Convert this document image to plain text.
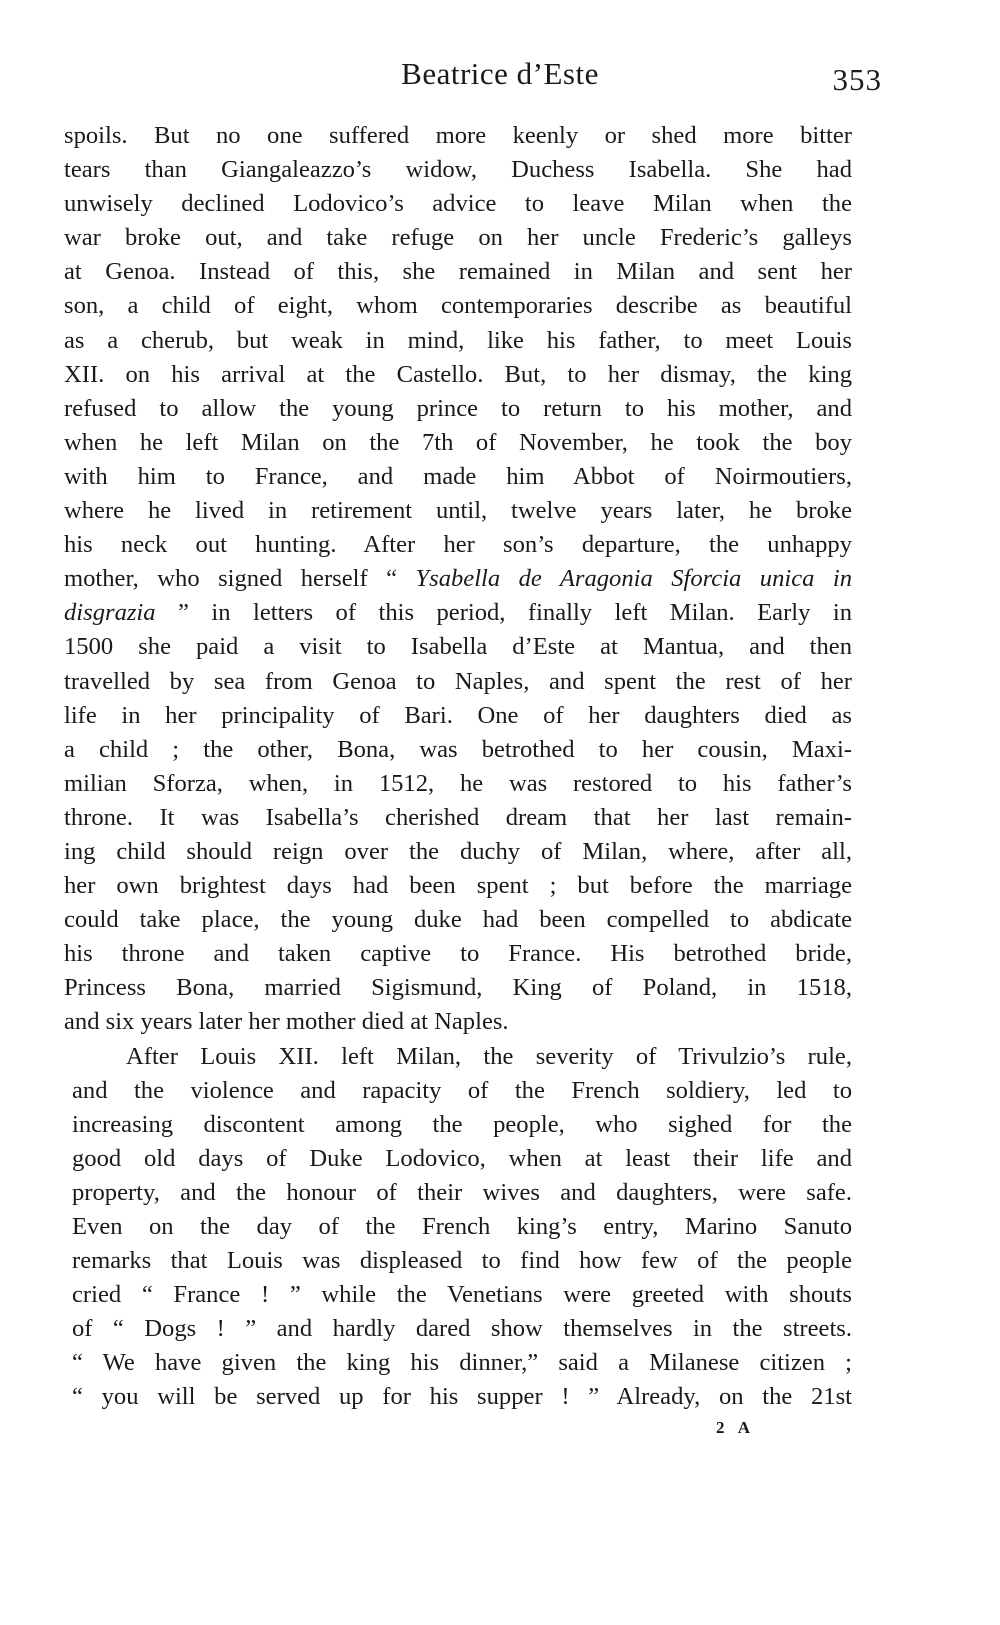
Beatrice d’Este	353
spoils. But no one suffered more keenly or shed more bitter
tears than Giangaleazzo’s widow, Duchess Isabella. She had
unwisely declined Lodovico’s advice to leave Milan when the
war broke out, and take refuge on her uncle Frederic’s galleys
at Genoa. Instead of this, she remained in Milan and sent her
son, a child of eight, whom contemporaries describe as beautiful
as a cherub, but weak in mind, like his father, to meet Louis
XII. on his arrival at the Castello. But, to her dismay, the king
refused to allow the young prince to return to his mother, and
when he left Milan on the 7th of November, he took the boy
with him to France, and made him Abbot of Noirmoutiers,
where he lived in retirement until, twelve years later, he broke
his neck out hunting. After her son’s departure, the unhappy
mother, who signed herself “ Ysabella de Aragonia Sforcia unica in
disgrazia ” in letters of this period, finally left Milan. Early in
1500 she paid a visit to Isabella d’Este at Mantua, and then
travelled by sea from Genoa to Naples, and spent the rest of her
life in her principality of Bari. One of her daughters died as
a child ; the other, Bona, was betrothed to her cousin, Maxi-
milian Sforza, when, in 1512, he was restored to his father’s
throne. It was Isabella’s cherished dream that her last remain-
ing child should reign over the duchy of Milan, where, after all,
her own brightest days had been spent ; but before the marriage
could take place, the young duke had been compelled to abdicate
his throne and taken captive to France. His betrothed bride,
Princess Bona, married Sigismund, King of Poland, in 1518,
and six years later her mother died at Naples.
After Louis XII. left Milan, the severity of Trivulzio’s rule,
and the violence and rapacity of the French soldiery, led to
increasing discontent among the people, who sighed for the
good old days of Duke Lodovico, when at least their life and
property, and the honour of their wives and daughters, were safe.
Even on the day of the French king’s entry, Marino Sanuto
remarks that Louis was displeased to find how few of the people
cried “ France ! ” while the Venetians were greeted with shouts
of “ Dogs ! ” and hardly dared show themselves in the streets.
“ We have given the king his dinner,” said a Milanese citizen ;
“ you will be served up for his supper ! ” Already, on the 21st
2 A
